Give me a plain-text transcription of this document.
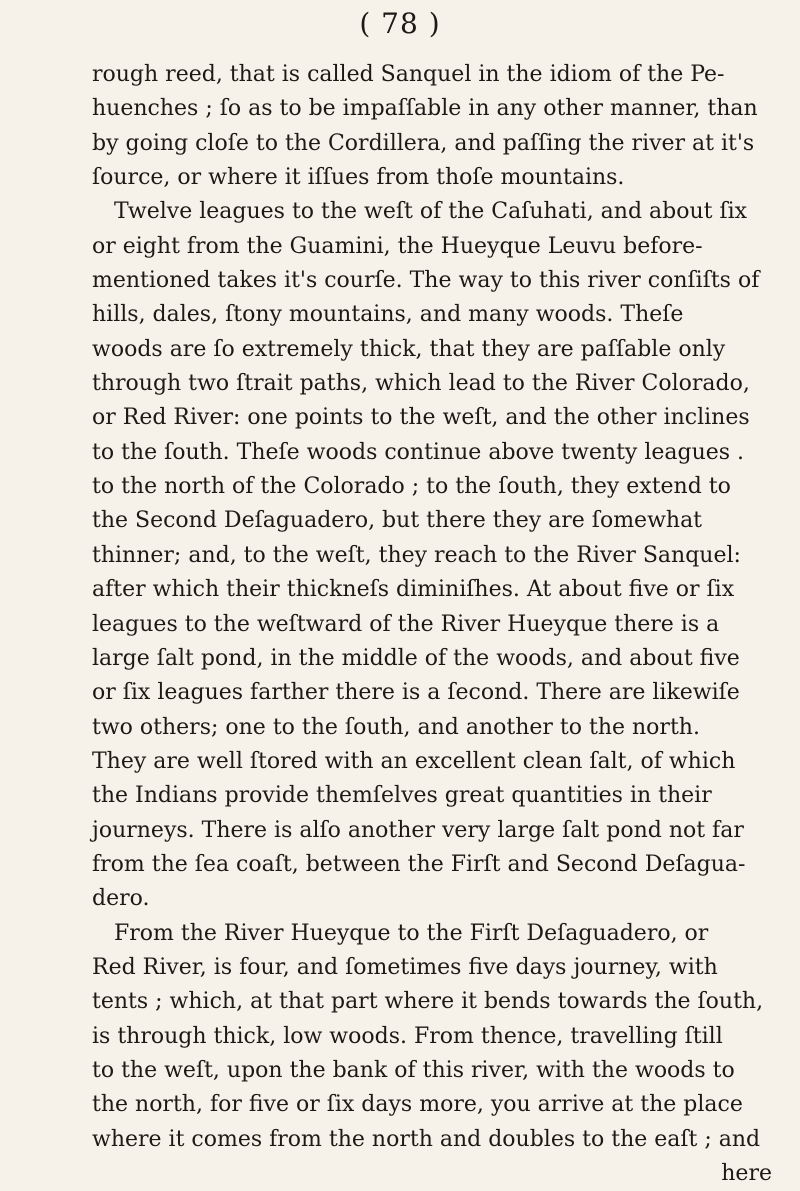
( 78 )
rough reed, that is called Sanquel in the idiom of the Pe-
huenches ; ſo as to be impaſſable in any other manner, than
by going cloſe to the Cordillera, and paſſing the river at it's
ſource, or where it iſſues from thoſe mountains.
Twelve leagues to the weſt of the Caſuhati, and about ſix
or eight from the Guamini, the Hueyque Leuvu before-
mentioned takes it's courſe. The way to this river conſiſts of
hills, dales, ſtony mountains, and many woods. Theſe
woods are ſo extremely thick, that they are paſſable only
through two ſtrait paths, which lead to the River Colorado,
or Red River: one points to the weſt, and the other inclines
to the ſouth. Theſe woods continue above twenty leagues .
to the north of the Colorado ; to the ſouth, they extend to
the Second Deſaguadero, but there they are ſomewhat
thinner; and, to the weſt, they reach to the River Sanquel:
after which their thickneſs diminiſhes. At about five or ſix
leagues to the weſtward of the River Hueyque there is a
large ſalt pond, in the middle of the woods, and about five
or ſix leagues farther there is a ſecond. There are likewiſe
two others; one to the ſouth, and another to the north.
They are well ſtored with an excellent clean ſalt, of which
the Indians provide themſelves great quantities in their
journeys. There is alſo another very large ſalt pond not far
from the ſea coaſt, between the Firſt and Second Deſagua-
dero.
From the River Hueyque to the Firſt Deſaguadero, or
Red River, is four, and ſometimes five days journey, with
tents ; which, at that part where it bends towards the ſouth,
is through thick, low woods. From thence, travelling ſtill
to the weſt, upon the bank of this river, with the woods to
the north, for five or ſix days more, you arrive at the place
where it comes from the north and doubles to the eaſt ; and
here
